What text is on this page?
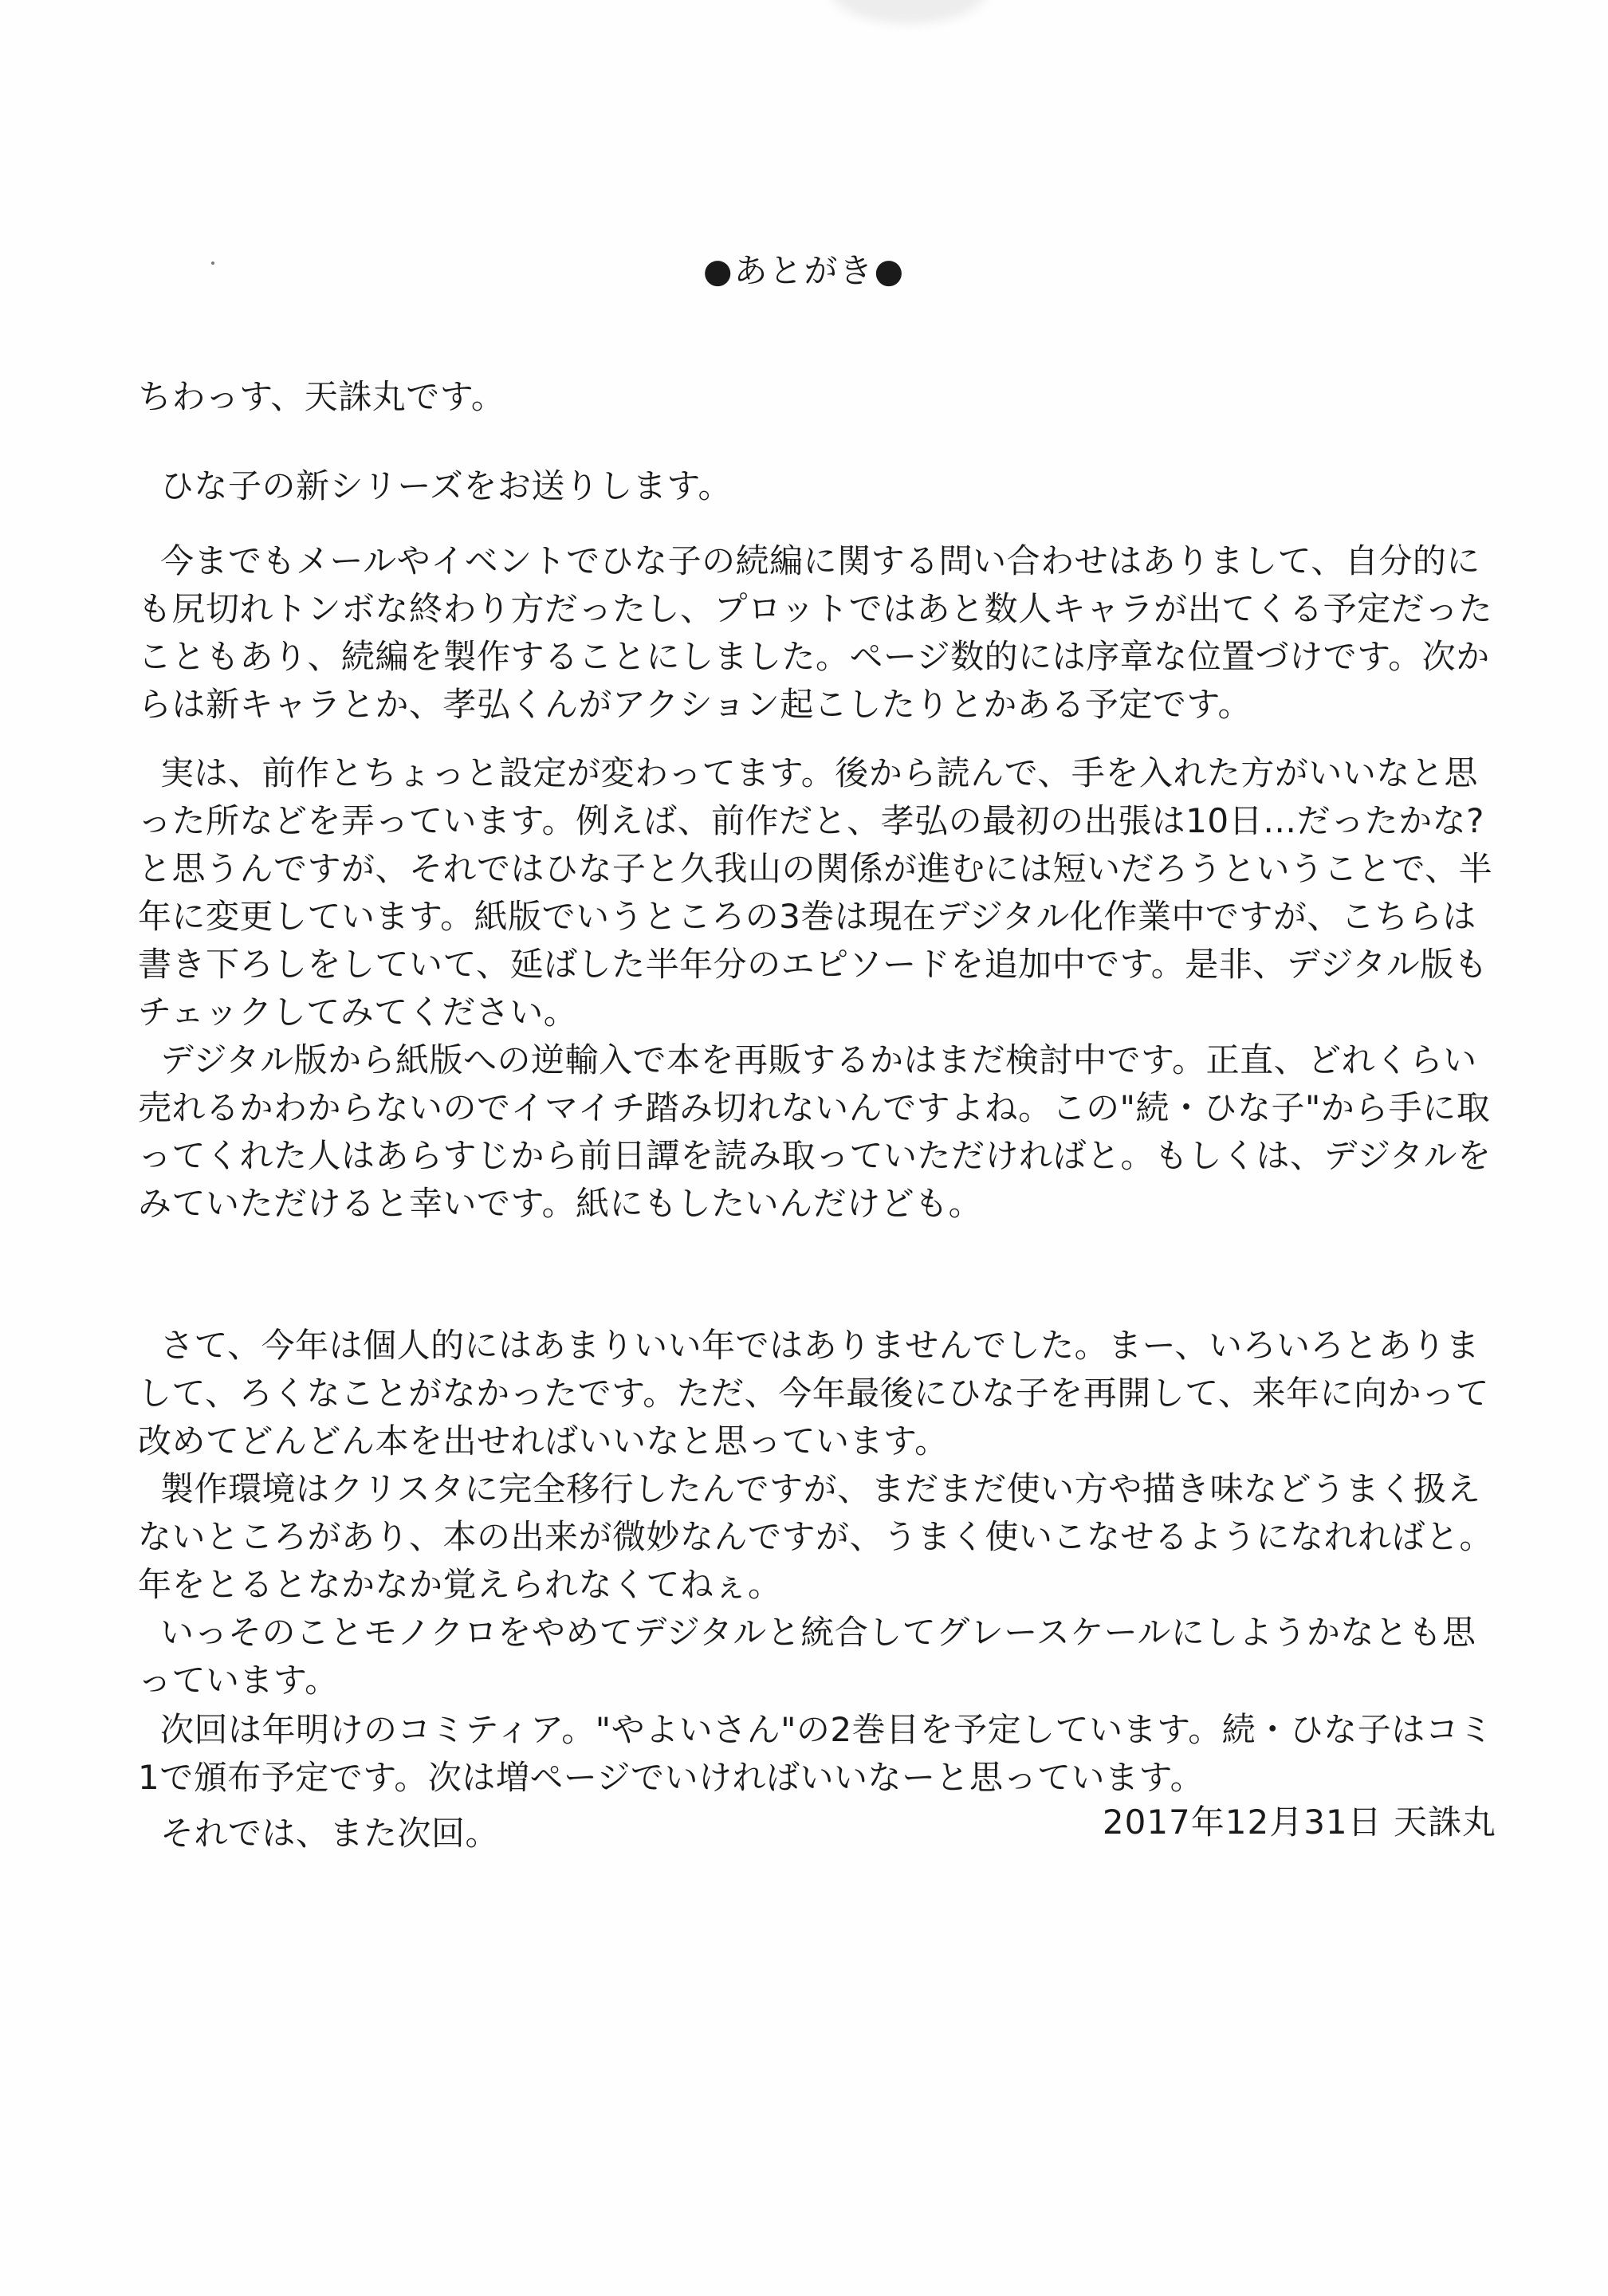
●あとがき●

ちわっす、天誅丸です。

ひな子の新シリーズをお送りします。

今までもメールやイベントでひな子の続編に関する問い合わせはありまして、自分的にも尻切れトンボな終わり方だったし、プロットではあと数人キャラが出てくる予定だったこともあり、続編を製作することにしました。ページ数的には序章な位置づけです。次からは新キャラとか、孝弘くんがアクション起こしたりとかある予定です。

実は、前作とちょっと設定が変わってます。後から読んで、手を入れた方がいいなと思った所などを弄っています。例えば、前作だと、孝弘の最初の出張は10日…だったかな?と思うんですが、それではひな子と久我山の関係が進むには短いだろうということで、半年に変更しています。紙版でいうところの3巻は現在デジタル化作業中ですが、こちらは書き下ろしをしていて、延ばした半年分のエピソードを追加中です。是非、デジタル版もチェックしてみてください。

デジタル版から紙版への逆輸入で本を再販するかはまだ検討中です。正直、どれくらい売れるかわからないのでイマイチ踏み切れないんですよね。この"続・ひな子"から手に取ってくれた人はあらすじから前日譚を読み取っていただければと。もしくは、デジタルをみていただけると幸いです。紙にもしたいんだけども。

さて、今年は個人的にはあまりいい年ではありませんでした。まー、いろいろとありまして、ろくなことがなかったです。ただ、今年最後にひな子を再開して、来年に向かって改めてどんどん本を出せればいいなと思っています。

製作環境はクリスタに完全移行したんですが、まだまだ使い方や描き味などうまく扱えないところがあり、本の出来が微妙なんですが、うまく使いこなせるようになれればと。年をとるとなかなか覚えられなくてねぇ。

いっそのことモノクロをやめてデジタルと統合してグレースケールにしようかなとも思っています。

次回は年明けのコミティア。"やよいさん"の2巻目を予定しています。続・ひな子はコミ1で頒布予定です。次は増ページでいければいいなーと思っています。

それでは、また次回。	2017年12月31日 天誅丸
